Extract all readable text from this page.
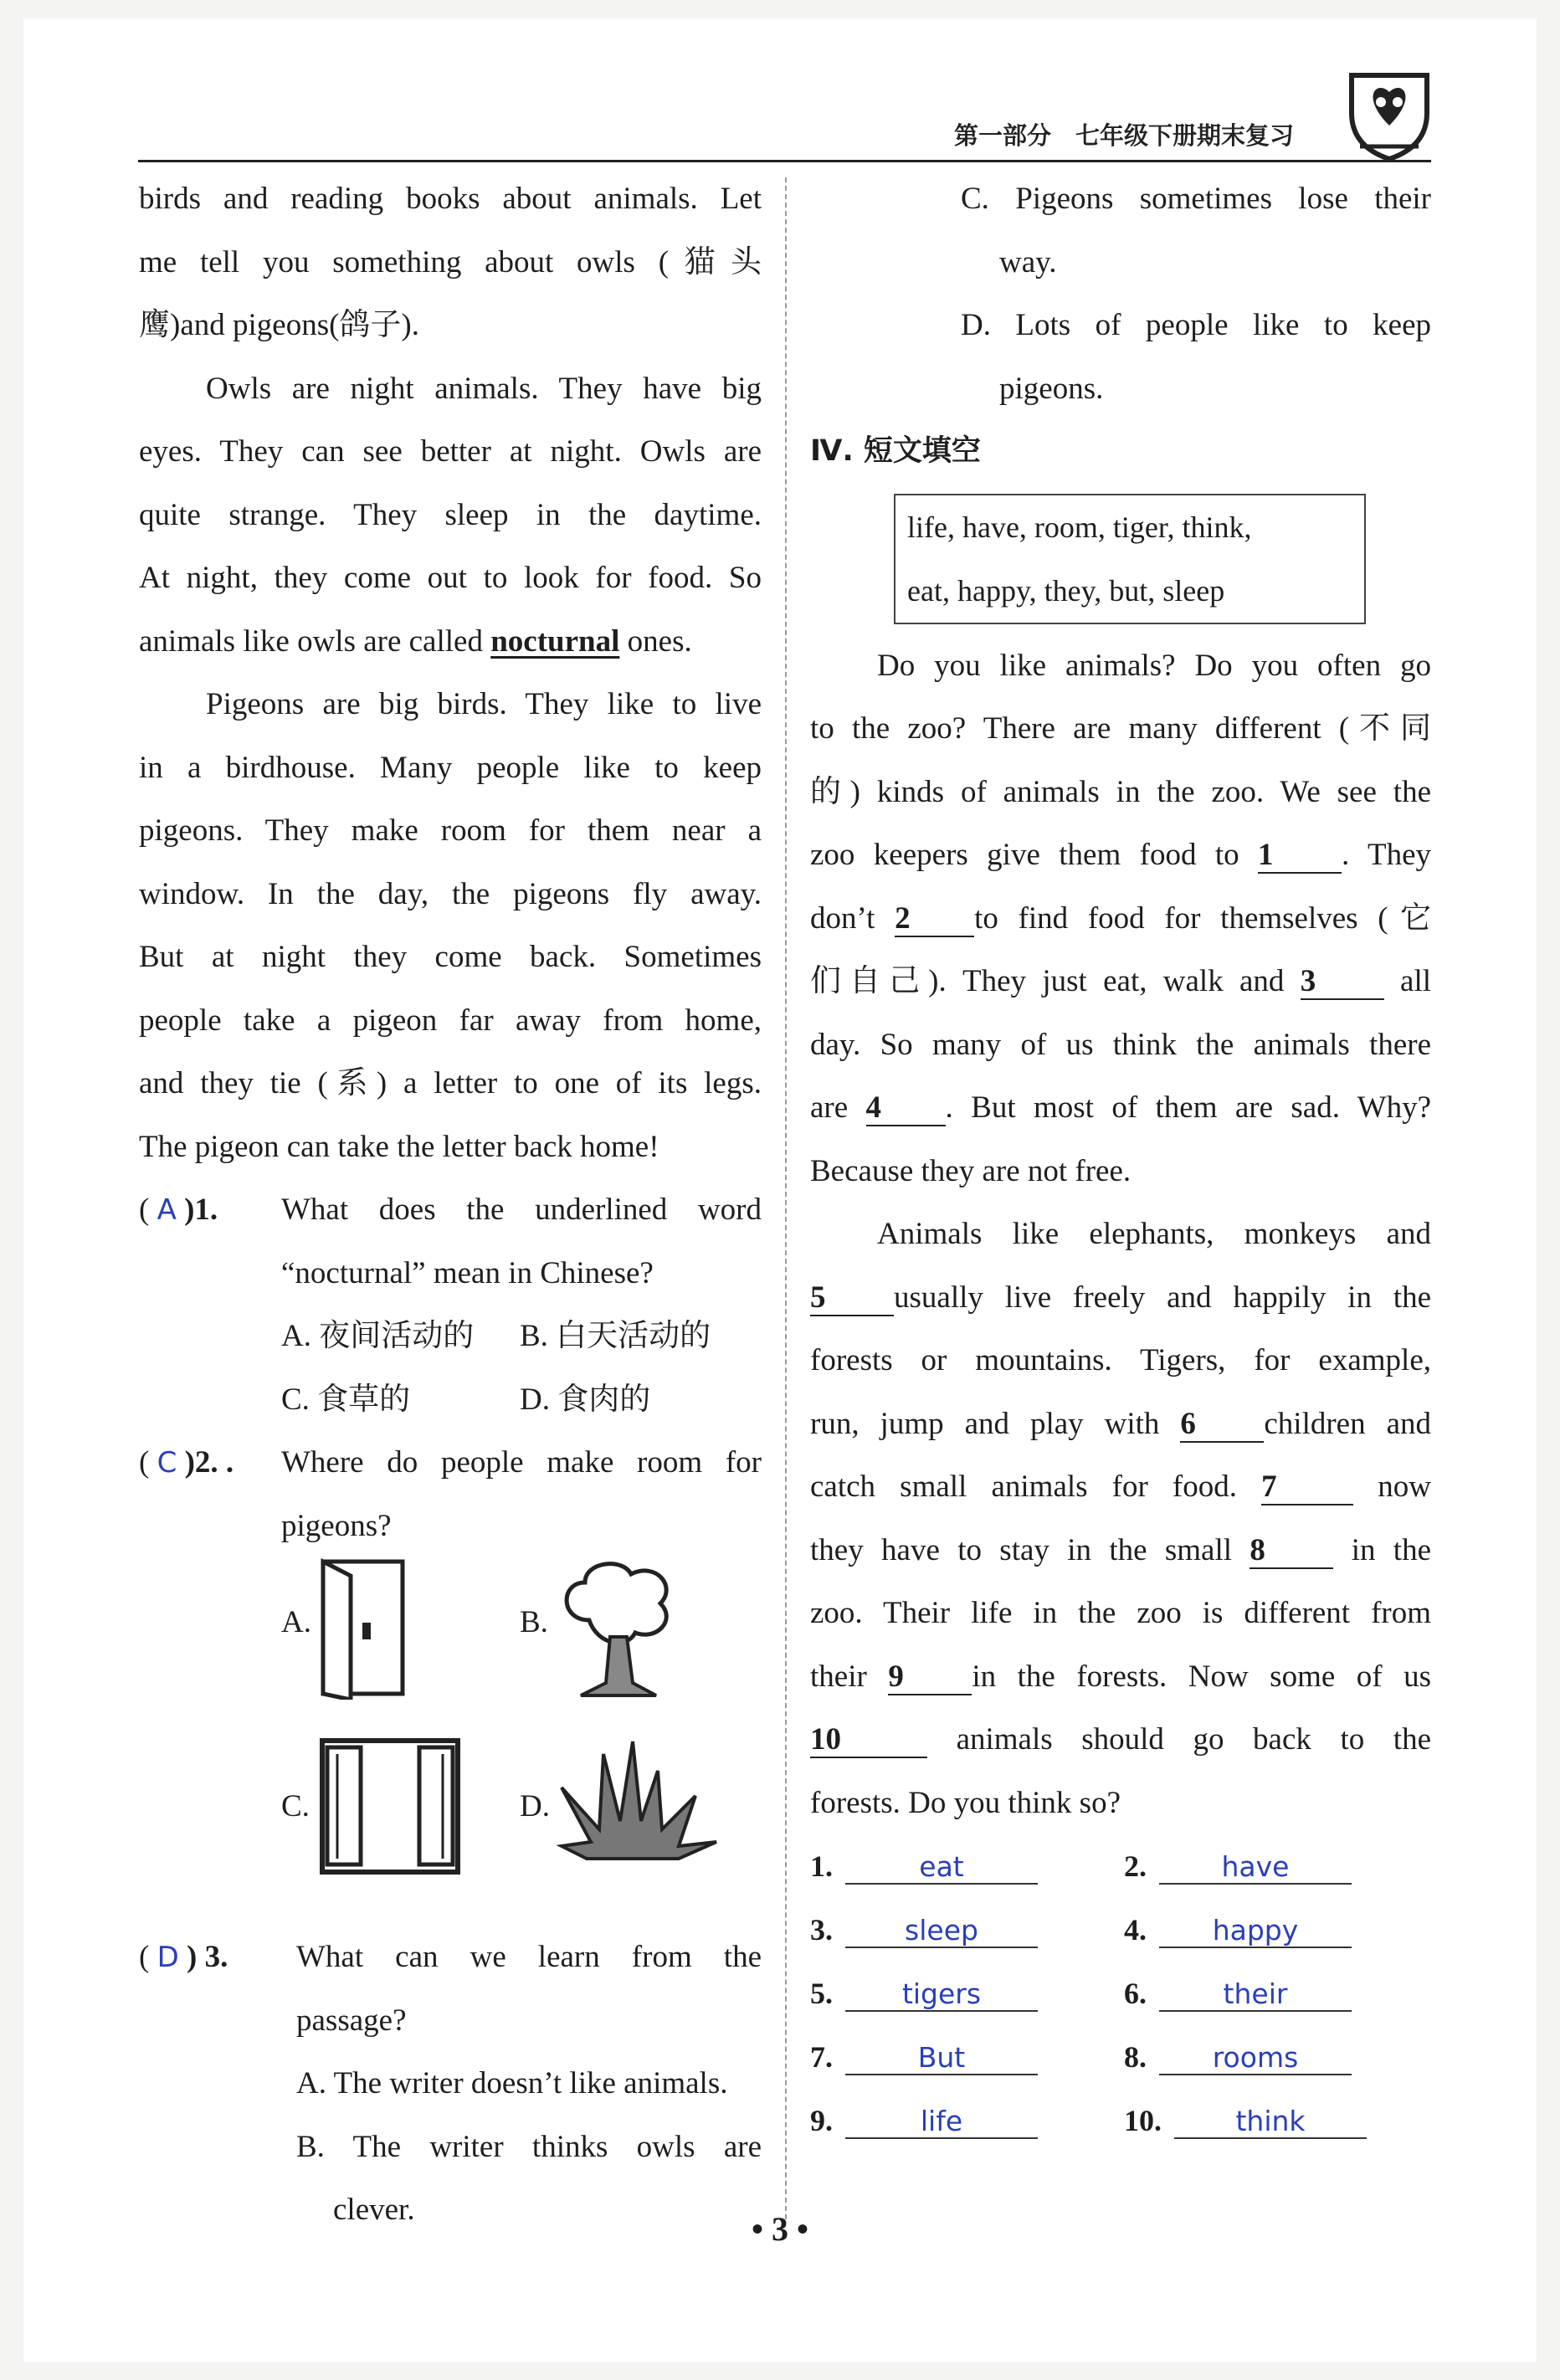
第一部分　七年级下册期末复习

birds and reading books about animals. Let

me tell you something about owls (猫头

鹰)and pigeons(鸽子).

Owls are night animals. They have big

eyes. They can see better at night. Owls are

quite strange. They sleep in the daytime.

At night, they come out to look for food. So

animals like owls are called nocturnal ones.

Pigeons are big birds. They like to live

in a birdhouse. Many people like to keep

pigeons. They make room for them near a

window. In the day, the pigeons fly away.

But at night they come back. Sometimes

people take a pigeon far away from home,

and they tie (系) a letter to one of its legs.

The pigeon can take the letter back home!

( A )1. What does the underlined word

“nocturnal” mean in Chinese?

A. 夜间活动的	B. 白天活动的
C. 食草的	D. 食肉的
( C )2. . Where do people make room for

pigeons?

A.	B.
C.	D.
( D ) 3.	What can we learn from the

passage?

A. The writer doesn’t like animals.

B. The writer thinks owls are

clever.

C. Pigeons sometimes lose their

way.

D. Lots of people like to keep

pigeons.

Ⅳ. 短文填空

life, have, room, tiger, think,

eat, happy, they, but, sleep

Do you like animals? Do you often go

to the zoo? There are many different (不同

的) kinds of animals in the zoo. We see the

zoo keepers give them food to 1 . They

don’t 2 to find food for themselves (它

们自己). They just eat, walk and 3	all

day. So many of us think the animals there

are 4 . But most of them are sad. Why?

Because they are not free.

Animals like elephants, monkeys and

5 usually live freely and happily in the

forests or mountains. Tigers, for example,

run, jump and play with 6 children and

catch small animals for food. 7	now

they have to stay in the small 8	in the

zoo. Their life in the zoo is different from

their 9 in the forests. Now some of us

10	animals should go back to the

forests. Do you think so?

1.	eat	2.	have
3.	sleep	4.	happy
5.	tigers	6.	their
7.	But	8.	rooms
9.	life	10.	think
• 3 •
